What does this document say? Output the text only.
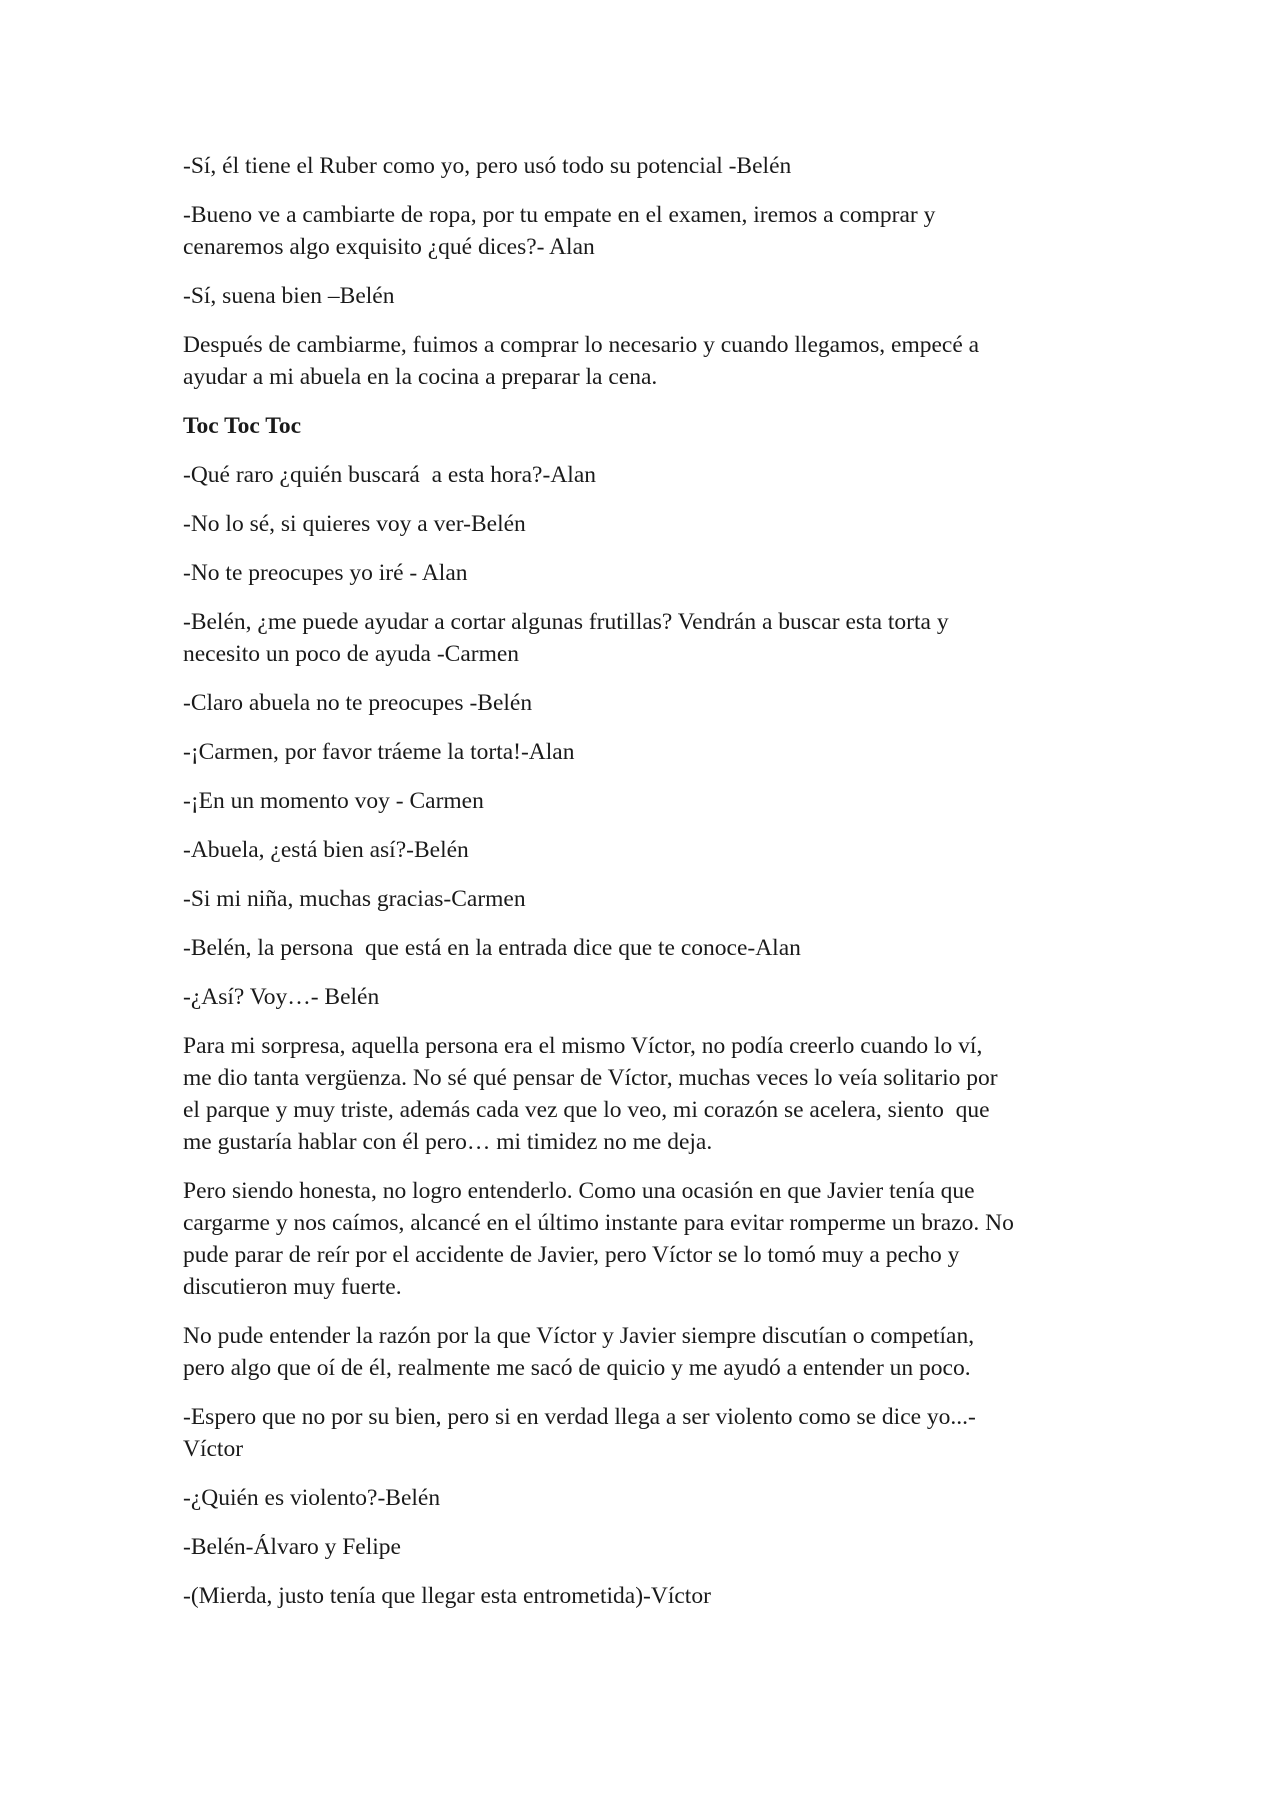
-Sí, él tiene el Ruber como yo, pero usó todo su potencial -Belén

-Bueno ve a cambiarte de ropa, por tu empate en el examen, iremos a comprar y
cenaremos algo exquisito ¿qué dices?- Alan

-Sí, suena bien –Belén

Después de cambiarme, fuimos a comprar lo necesario y cuando llegamos, empecé a
ayudar a mi abuela en la cocina a preparar la cena.

Toc Toc Toc

-Qué raro ¿quién buscará  a esta hora?-Alan

-No lo sé, si quieres voy a ver-Belén

-No te preocupes yo iré - Alan

-Belén, ¿me puede ayudar a cortar algunas frutillas? Vendrán a buscar esta torta y
necesito un poco de ayuda -Carmen

-Claro abuela no te preocupes -Belén

-¡Carmen, por favor tráeme la torta!-Alan

-¡En un momento voy - Carmen

-Abuela, ¿está bien así?-Belén

-Si mi niña, muchas gracias-Carmen

-Belén, la persona  que está en la entrada dice que te conoce-Alan

-¿Así? Voy…- Belén

Para mi sorpresa, aquella persona era el mismo Víctor, no podía creerlo cuando lo ví,
me dio tanta vergüenza. No sé qué pensar de Víctor, muchas veces lo veía solitario por
el parque y muy triste, además cada vez que lo veo, mi corazón se acelera, siento  que
me gustaría hablar con él pero… mi timidez no me deja.

Pero siendo honesta, no logro entenderlo. Como una ocasión en que Javier tenía que
cargarme y nos caímos, alcancé en el último instante para evitar romperme un brazo. No
pude parar de reír por el accidente de Javier, pero Víctor se lo tomó muy a pecho y
discutieron muy fuerte.

No pude entender la razón por la que Víctor y Javier siempre discutían o competían,
pero algo que oí de él, realmente me sacó de quicio y me ayudó a entender un poco.

-Espero que no por su bien, pero si en verdad llega a ser violento como se dice yo...-
Víctor

-¿Quién es violento?-Belén

-Belén-Álvaro y Felipe

-(Mierda, justo tenía que llegar esta entrometida)-Víctor
